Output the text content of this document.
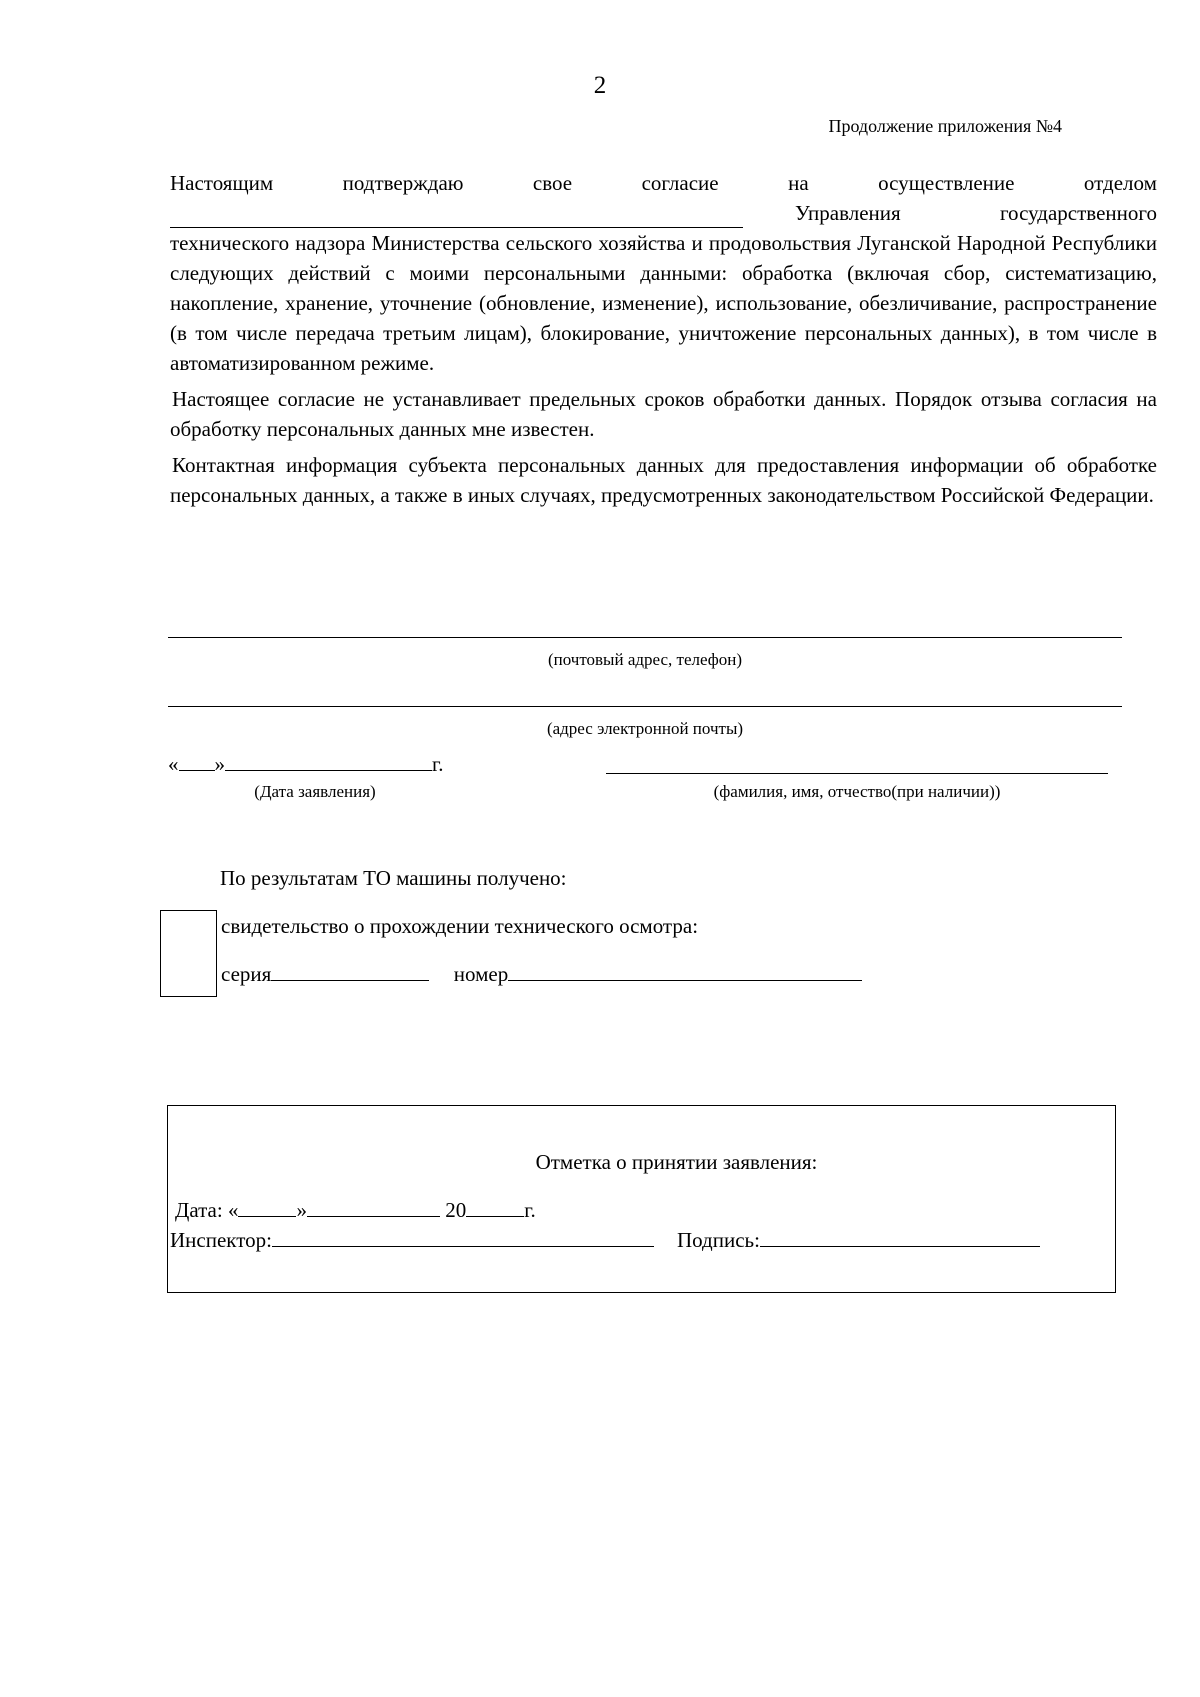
2
Продолжение приложения №4
Настоящим	подтверждаю	свое	согласие	на	осуществление	отделом
Управления	государственного

технического надзора Министерства сельского хозяйства и продовольствия Луганской Народной Республики следующих действий с моими персональными данными: обработка (включая сбор, систематизацию, накопление, хранение, уточнение (обновление, изменение), использование, обезличивание, распространение (в том числе передача третьим лицам), блокирование, уничтожение персональных данных), в том числе в автоматизированном режиме.

Настоящее согласие не устанавливает предельных сроков обработки данных. Порядок отзыва согласия на обработку персональных данных мне известен.

Контактная информация субъекта персональных данных для предоставления информации об обработке персональных данных, а также в иных случаях, предусмотренных законодательством Российской Федерации.

(почтовый адрес, телефон)
(адрес электронной почты)
« »	г.
(Дата заявления)	(фамилия, имя, отчество(при наличии))
По результатам ТО машины получено:
свидетельство о прохождении технического осмотра:
серия	номер
Отметка о принятии заявления:
Дата: «	»	20	г.
Инспектор:	Подпись:
